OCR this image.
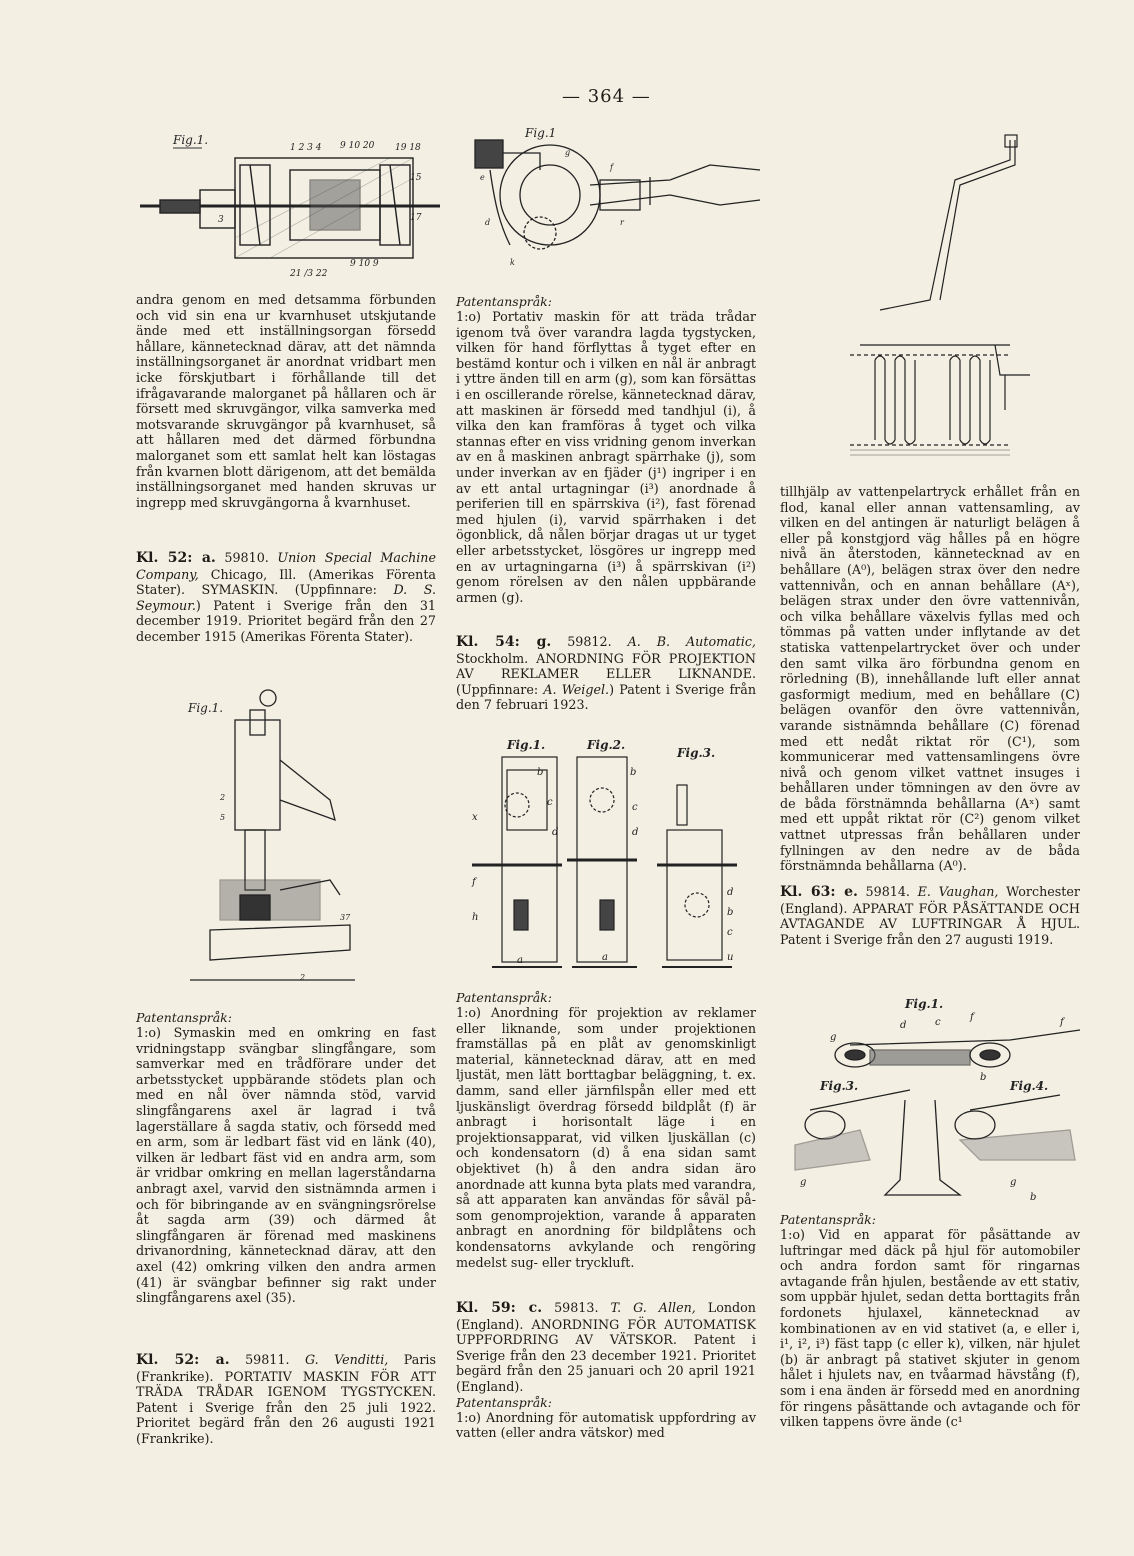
— 364 —
Fig.1.
1 2 3 4 9 10 20 19 18
15
17
3
21 /3 22
9 10 9
Fig.1
e
d
k
g
f
r
Fig.1.
2
5
37
2
Fig.1.	Fig.2.
Fig.3.
b
c
d
x
f
h
b
c
d
d
b
c
u
a	a
Fig.1.
Fig.3.	Fig.4.
g
d	c	f	f
b
g	g
b

andra genom en med detsamma förbunden och vid sin ena ur kvarnhuset utskjutande ände med ett inställningsorgan försedd hållare, kännetecknad därav, att det nämnda inställningsorganet är anordnat vridbart men icke förskjutbart i förhållande till det ifrågavarande malorganet på hållaren och är försett med skruvgängor, vilka samverka med motsvarande skruvgängor på kvarnhuset, så att hållaren med det därmed förbundna malorganet som ett samlat helt kan löstagas från kvarnen blott därigenom, att det bemälda inställningsorganet med handen skruvas ur ingrepp med skruvgängorna å kvarnhuset.

Kl. 52: a. 59810. Union Special Machine Company, Chicago, Ill. (Amerikas Förenta Stater). SYMASKIN. (Uppfinnare: D. S. Seymour.) Patent i Sverige från den 31 december 1919. Prioritet begärd från den 27 december 1915 (Amerikas Förenta Stater).

Patentanspråk:

1:o) Symaskin med en omkring en fast vridningstapp svängbar slingfångare, som samverkar med en trådförare under det arbetsstycket uppbärande stödets plan och med en nål över nämnda stöd, varvid slingfångarens axel är lagrad i två lagerställare å sagda stativ, och försedd med en arm, som är ledbart fäst vid en länk (40), vilken är ledbart fäst vid en andra arm, som är vridbar omkring en mellan lagerståndarna anbragt axel, varvid den sistnämnda armen i och för bibringande av en svängningsrörelse åt sagda arm (39) och därmed åt slingfångaren är förenad med maskinens drivanordning, kännetecknad därav, att den axel (42) omkring vilken den andra armen (41) är svängbar befinner sig rakt under slingfångarens axel (35).

Kl. 52: a. 59811. G. Venditti, Paris (Frankrike). PORTATIV MASKIN FÖR ATT TRÄDA TRÅDAR IGENOM TYGSTYCKEN. Patent i Sverige från den 25 juli 1922. Prioritet begärd från den 26 augusti 1921 (Frankrike).

Patentanspråk:

1:o) Portativ maskin för att träda trådar igenom två över varandra lagda tygstycken, vilken för hand förflyttas å tyget efter en bestämd kontur och i vilken en nål är anbragt i yttre änden till en arm (g), som kan försättas i en oscillerande rörelse, kännetecknad därav, att maskinen är försedd med tandhjul (i), å vilka den kan framföras å tyget och vilka stannas efter en viss vridning genom inverkan av en å maskinen anbragt spärrhake (j), som under inverkan av en fjäder (j¹) ingriper i en av ett antal urtagningar (i³) anordnade å periferien till en spärrskiva (i²), fast förenad med hjulen (i), varvid spärrhaken i det ögonblick, då nålen börjar dragas ut ur tyget eller arbetsstycket, lösgöres ur ingrepp med en av urtagningarna (i³) å spärrskivan (i²) genom rörelsen av den nålen uppbärande armen (g).

Kl. 54: g. 59812. A. B. Automatic, Stockholm. ANORDNING FÖR PROJEKTION AV REKLAMER ELLER LIKNANDE. (Uppfinnare: A. Weigel.) Patent i Sverige från den 7 februari 1923.

Patentanspråk:

1:o) Anordning för projektion av reklamer eller liknande, som under projektionen framställas på en plåt av genomskinligt material, kännetecknad därav, att en med ljustät, men lätt borttagbar beläggning, t. ex. damm, sand eller järnfilspån eller med ett ljuskänsligt överdrag försedd bildplåt (f) är anbragt i horisontalt läge i en projektionsapparat, vid vilken ljuskällan (c) och kondensatorn (d) å ena sidan samt objektivet (h) å den andra sidan äro anordnade att kunna byta plats med varandra, så att apparaten kan användas för såväl på- som genomprojektion, varande å apparaten anbragt en anordning för bildplåtens och kondensatorns avkylande och rengöring medelst sug- eller tryckluft.

Kl. 59: c. 59813. T. G. Allen, London (England). ANORDNING FÖR AUTOMATISK UPPFORDRING AV VÄTSKOR. Patent i Sverige från den 23 december 1921. Prioritet begärd från den 25 januari och 20 april 1921 (England).

Patentanspråk:

1:o) Anordning för automatisk uppfordring av vatten (eller andra vätskor) med

tillhjälp av vattenpelartryck erhållet från en flod, kanal eller annan vattensamling, av vilken en del antingen är naturligt belägen å eller på konstgjord väg hålles på en högre nivå än återstoden, kännetecknad av en behållare (A⁰), belägen strax över den nedre vattennivån, och en annan behållare (Aˣ), belägen strax under den övre vattennivån, och vilka behållare växelvis fyllas med och tömmas på vatten under inflytande av det statiska vattenpelartrycket över och under den samt vilka äro förbundna genom en rörledning (B), innehållande luft eller annat gasformigt medium, med en behållare (C) belägen ovanför den övre vattennivån, varande sistnämnda behållare (C) förenad med ett nedåt riktat rör (C¹), som kommunicerar med vattensamlingens övre nivå och genom vilket vattnet insuges i behållaren under tömningen av den övre av de båda förstnämnda behållarna (Aˣ) samt med ett uppåt riktat rör (C²) genom vilket vattnet utpressas från behållaren under fyllningen av den nedre av de båda förstnämnda behållarna (A⁰).

Kl. 63: e. 59814. E. Vaughan, Worchester (England). APPARAT FÖR PÅSÄTTANDE OCH AVTAGANDE AV LUFTRINGAR Å HJUL. Patent i Sverige från den 27 augusti 1919.

Patentanspråk:

1:o) Vid en apparat för påsättande av luftringar med däck på hjul för automobiler och andra fordon samt för ringarnas avtagande från hjulen, bestående av ett stativ, som uppbär hjulet, sedan detta borttagits från fordonets hjulaxel, kännetecknad av kombinationen av en vid stativet (a, e eller i, i¹, i², i³) fäst tapp (c eller k), vilken, när hjulet (b) är anbragt på stativet skjuter in genom hålet i hjulets nav, en tvåarmad hävstång (f), som i ena änden är försedd med en anordning för ringens påsättande och avtagande och för vilken tappens övre ände (c¹
